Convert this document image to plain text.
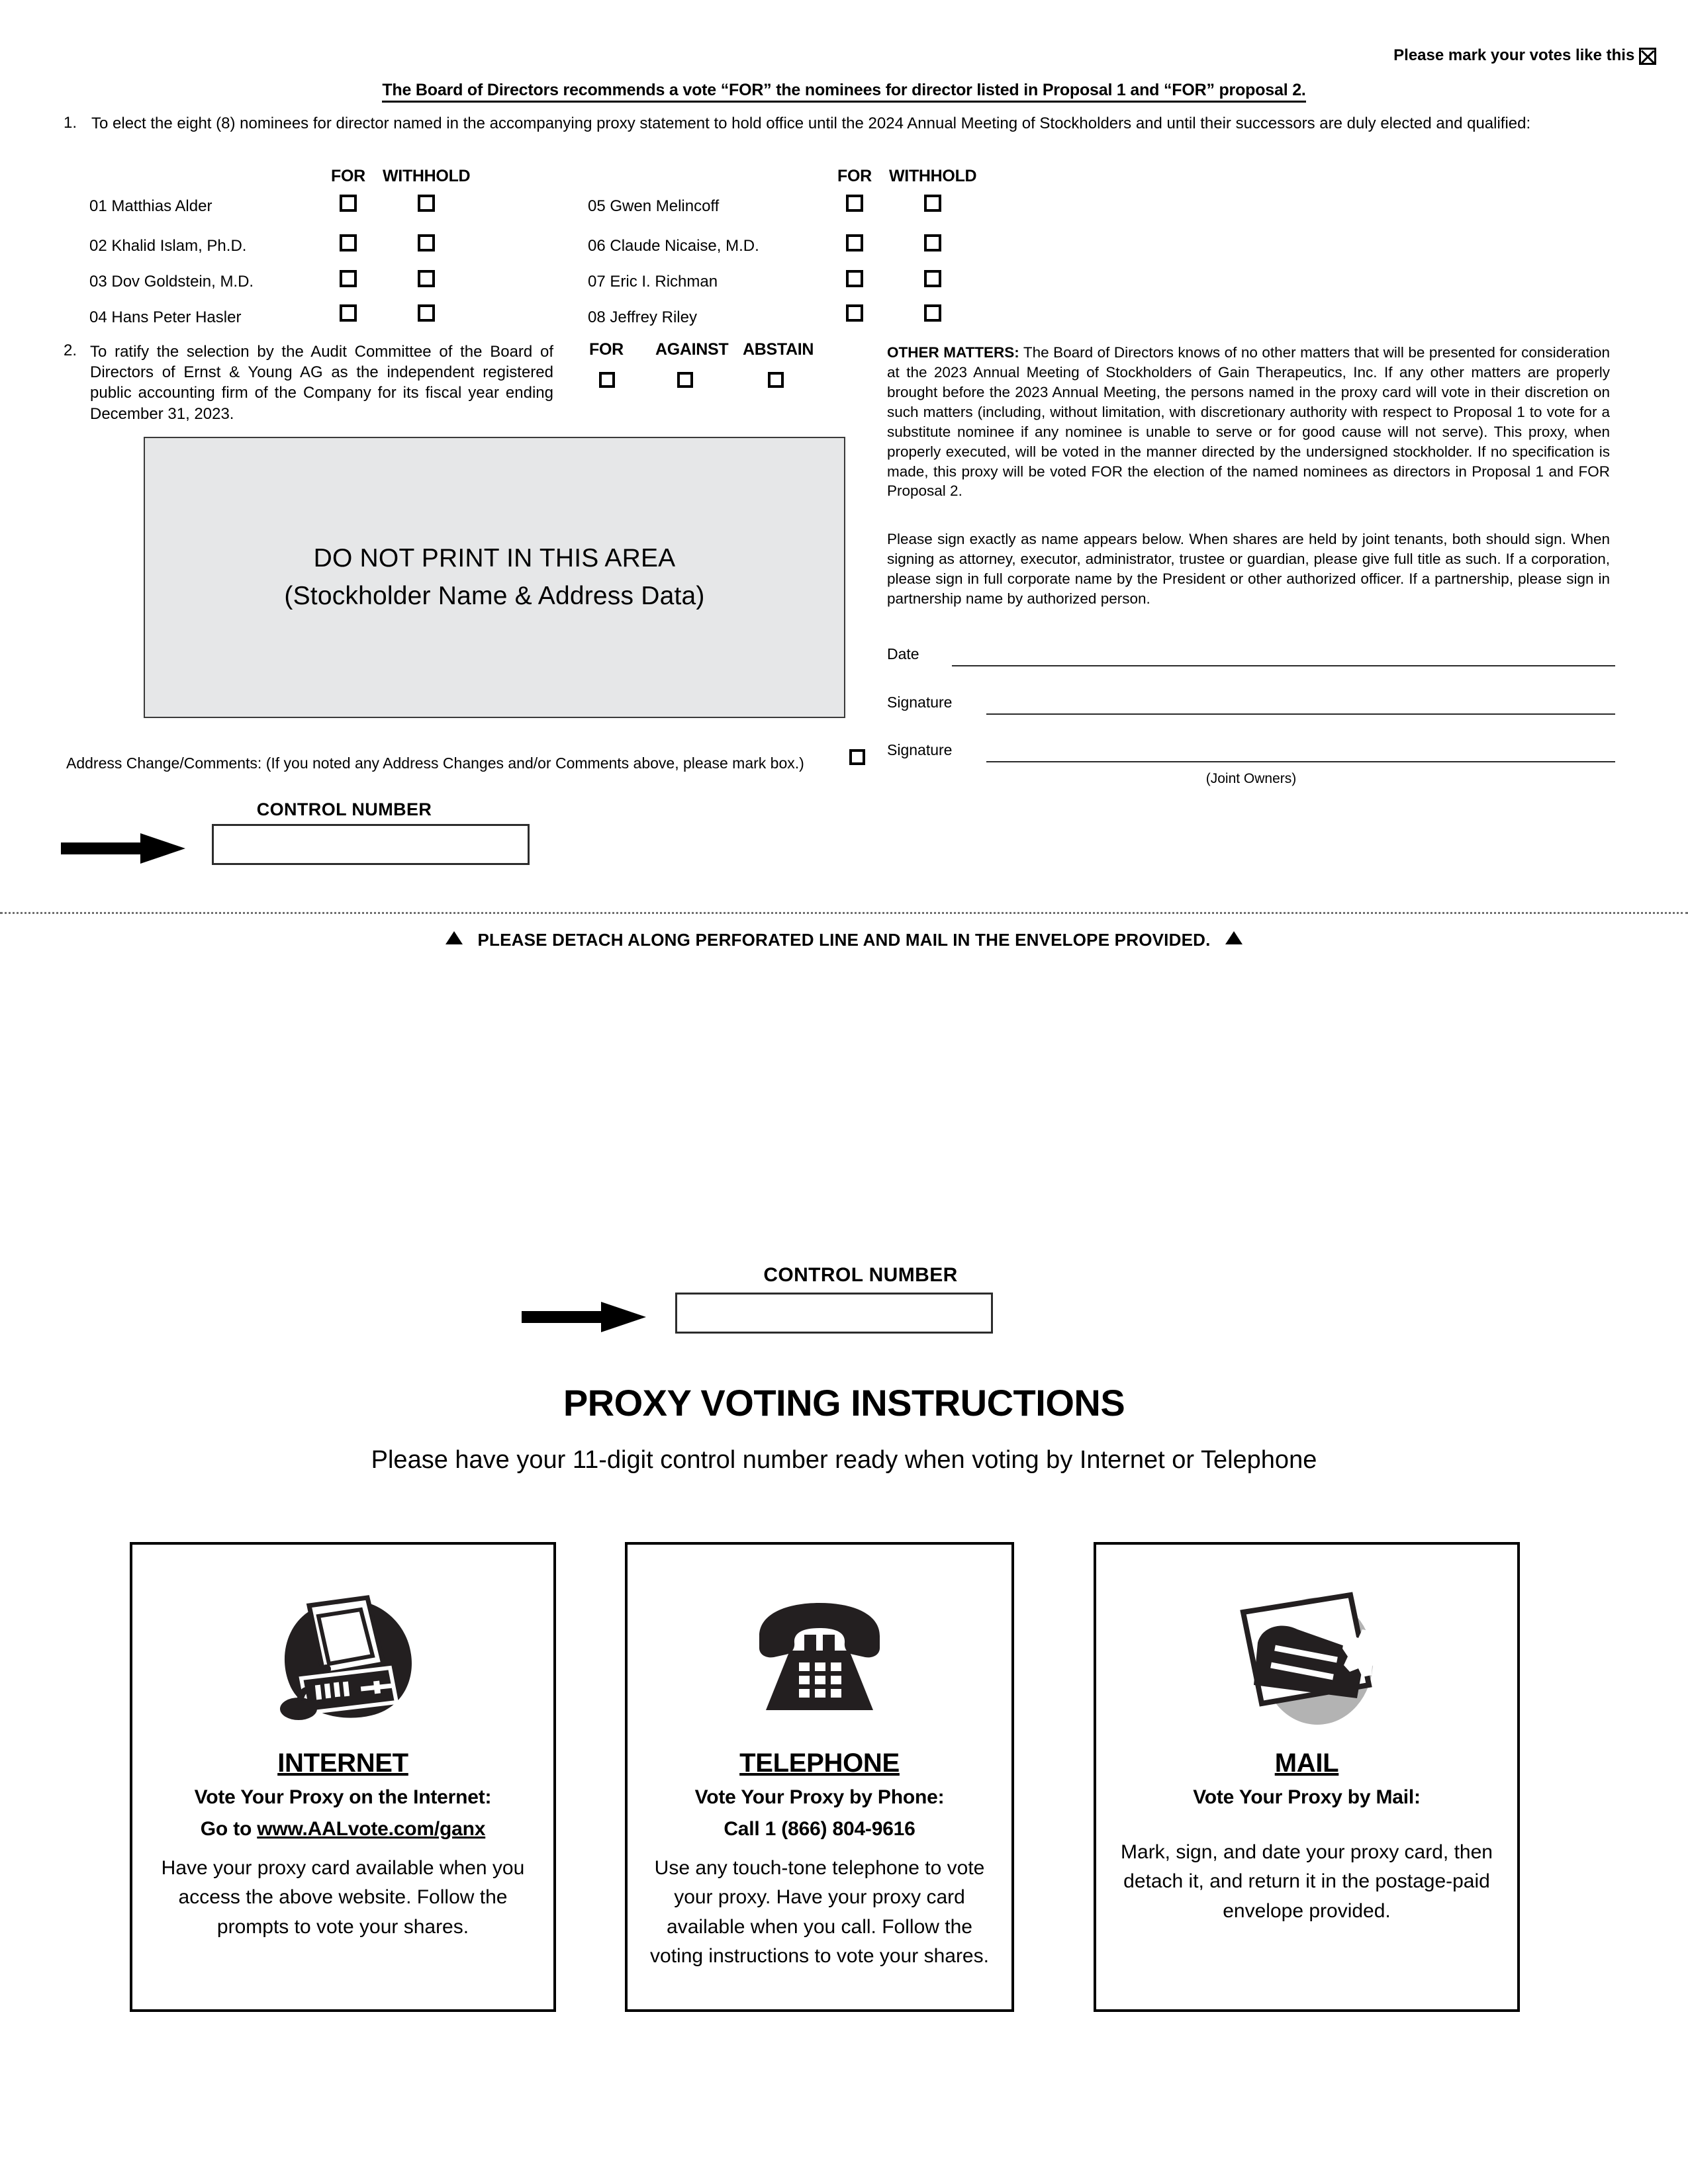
Please mark your votes like this
The Board of Directors recommends a vote “FOR” the nominees for director listed in Proposal 1 and “FOR” proposal 2.
1. To elect the eight (8) nominees for director named in the accompanying proxy statement to hold office until the 2024 Annual Meeting of Stockholders and until their successors are duly elected and qualified:
FOR WITHHOLD	FOR WITHHOLD
01 Matthias Alder
02 Khalid Islam, Ph.D.
03 Dov Goldstein, M.D.
04 Hans Peter Hasler
05 Gwen Melincoff
06 Claude Nicaise, M.D.
07 Eric I. Richman
08 Jeffrey Riley
2. To ratify the selection by the Audit Committee of the Board of Directors of Ernst & Young AG as the independent registered public accounting firm of the Company for its fiscal year ending December 31, 2023.
FOR AGAINST ABSTAIN
DO NOT PRINT IN THIS AREA
(Stockholder Name & Address Data)
Address Change/Comments: (If you noted any Address Changes and/or Comments above, please mark box.)
CONTROL NUMBER
OTHER MATTERS: The Board of Directors knows of no other matters that will be presented for consideration at the 2023 Annual Meeting of Stockholders of Gain Therapeutics, Inc. If any other matters are properly brought before the 2023 Annual Meeting, the persons named in the proxy card will vote in their discretion on such matters (including, without limitation, with discretionary authority with respect to Proposal 1 to vote for a substitute nominee if any nominee is unable to serve or for good cause will not serve). This proxy, when properly executed, will be voted in the manner directed by the undersigned stockholder. If no specification is made, this proxy will be voted FOR the election of the named nominees as directors in Proposal 1 and FOR Proposal 2.
Please sign exactly as name appears below. When shares are held by joint tenants, both should sign. When signing as attorney, executor, administrator, trustee or guardian, please give full title as such. If a corporation, please sign in full corporate name by the President or other authorized officer. If a partnership, please sign in partnership name by authorized person.
Date
Signature
Signature
(Joint Owners)
PLEASE DETACH ALONG PERFORATED LINE AND MAIL IN THE ENVELOPE PROVIDED.
CONTROL NUMBER
PROXY VOTING INSTRUCTIONS
Please have your 11-digit control number ready when voting by Internet or Telephone
INTERNET
Vote Your Proxy on the Internet:
Go to www.AALvote.com/ganx
Have your proxy card available when you access the above website. Follow the prompts to vote your shares.
TELEPHONE
Vote Your Proxy by Phone:
Call 1 (866) 804-9616
Use any touch-tone telephone to vote your proxy. Have your proxy card available when you call. Follow the voting instructions to vote your shares.
MAIL
Vote Your Proxy by Mail:
Mark, sign, and date your proxy card, then detach it, and return it in the postage-paid envelope provided.
